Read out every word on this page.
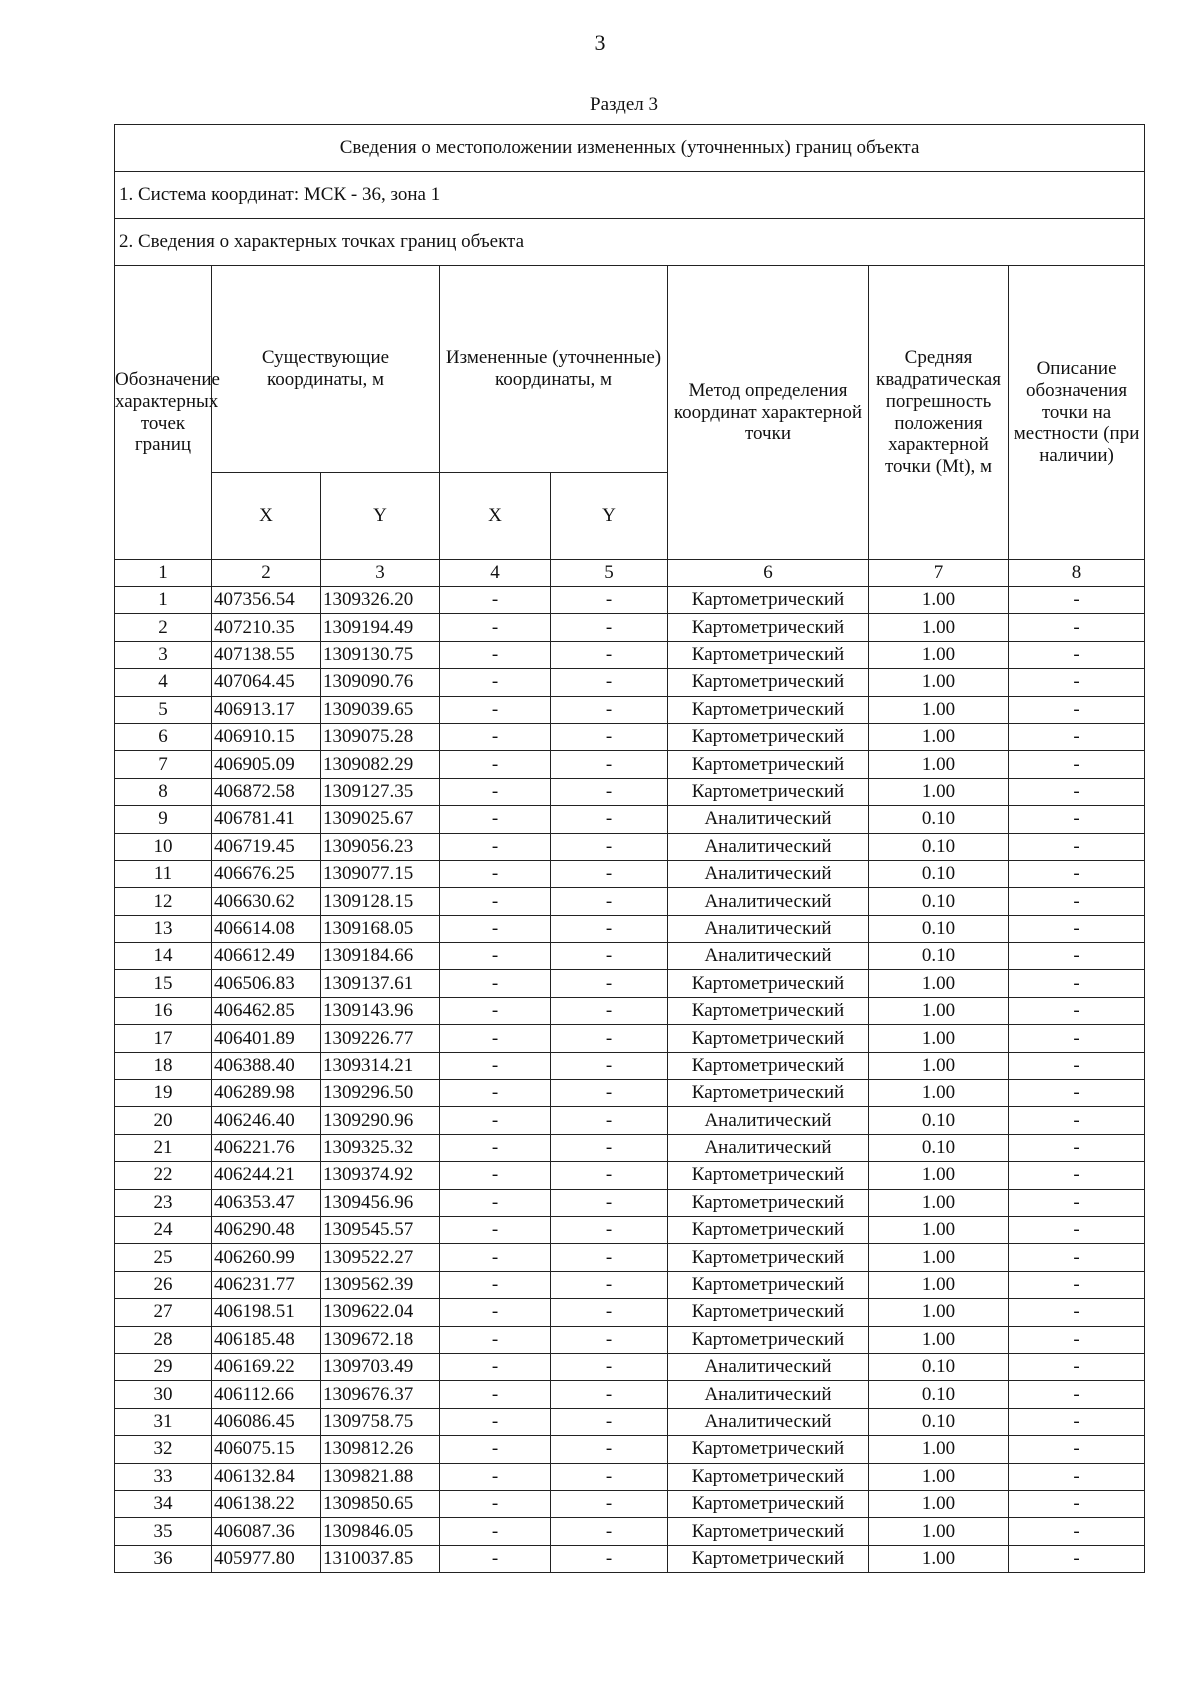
3
Раздел 3
Сведения о местоположении измененных (уточненных) границ объекта							
1. Система координат: МСК - 36, зона 1							
2. Сведения о характерных точках границ объекта							
Обозначение характерных точек границ	Существующие координаты, м		Измененные (уточненные) координаты, м		Метод определения координат характерной точки	Средняя квадратическая погрешность положения характерной точки (Mt), м	Описание обозначения точки на местности (при наличии)
	X	Y	X	Y			
1	2	3	4	5	6	7	8
1	407356.54	1309326.20	-	-	Картометрический	1.00	-
2	407210.35	1309194.49	-	-	Картометрический	1.00	-
3	407138.55	1309130.75	-	-	Картометрический	1.00	-
4	407064.45	1309090.76	-	-	Картометрический	1.00	-
5	406913.17	1309039.65	-	-	Картометрический	1.00	-
6	406910.15	1309075.28	-	-	Картометрический	1.00	-
7	406905.09	1309082.29	-	-	Картометрический	1.00	-
8	406872.58	1309127.35	-	-	Картометрический	1.00	-
9	406781.41	1309025.67	-	-	Аналитический	0.10	-
10	406719.45	1309056.23	-	-	Аналитический	0.10	-
11	406676.25	1309077.15	-	-	Аналитический	0.10	-
12	406630.62	1309128.15	-	-	Аналитический	0.10	-
13	406614.08	1309168.05	-	-	Аналитический	0.10	-
14	406612.49	1309184.66	-	-	Аналитический	0.10	-
15	406506.83	1309137.61	-	-	Картометрический	1.00	-
16	406462.85	1309143.96	-	-	Картометрический	1.00	-
17	406401.89	1309226.77	-	-	Картометрический	1.00	-
18	406388.40	1309314.21	-	-	Картометрический	1.00	-
19	406289.98	1309296.50	-	-	Картометрический	1.00	-
20	406246.40	1309290.96	-	-	Аналитический	0.10	-
21	406221.76	1309325.32	-	-	Аналитический	0.10	-
22	406244.21	1309374.92	-	-	Картометрический	1.00	-
23	406353.47	1309456.96	-	-	Картометрический	1.00	-
24	406290.48	1309545.57	-	-	Картометрический	1.00	-
25	406260.99	1309522.27	-	-	Картометрический	1.00	-
26	406231.77	1309562.39	-	-	Картометрический	1.00	-
27	406198.51	1309622.04	-	-	Картометрический	1.00	-
28	406185.48	1309672.18	-	-	Картометрический	1.00	-
29	406169.22	1309703.49	-	-	Аналитический	0.10	-
30	406112.66	1309676.37	-	-	Аналитический	0.10	-
31	406086.45	1309758.75	-	-	Аналитический	0.10	-
32	406075.15	1309812.26	-	-	Картометрический	1.00	-
33	406132.84	1309821.88	-	-	Картометрический	1.00	-
34	406138.22	1309850.65	-	-	Картометрический	1.00	-
35	406087.36	1309846.05	-	-	Картометрический	1.00	-
36	405977.80	1310037.85	-	-	Картометрический	1.00	-
